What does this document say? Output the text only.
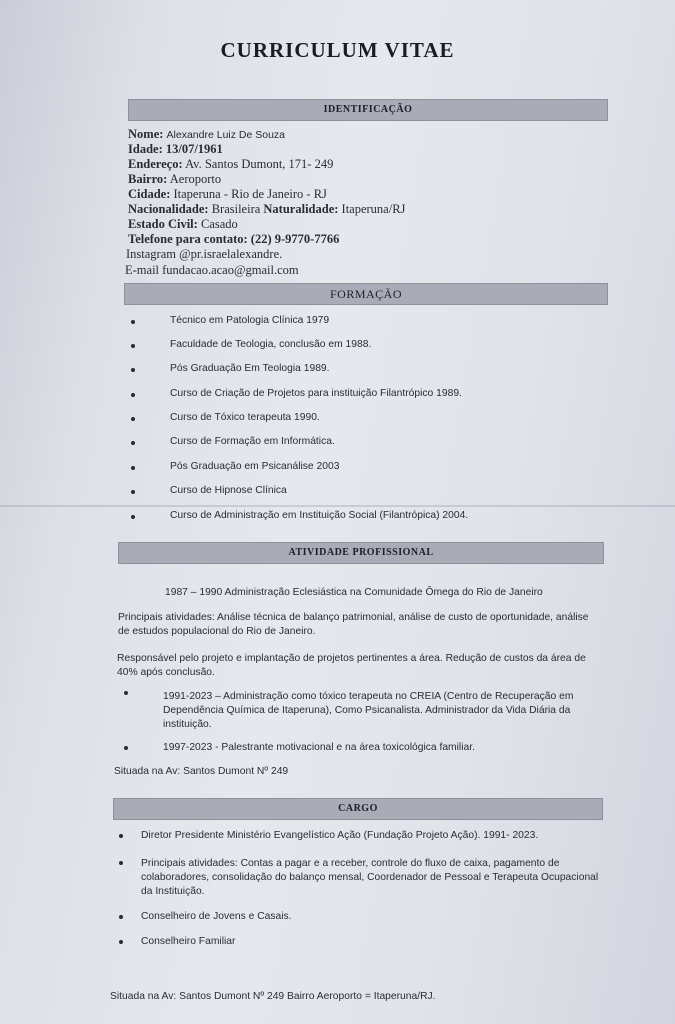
CURRICULUM VITAE
IDENTIFICAÇÃO
Nome: Alexandre Luiz De Souza
Idade: 13/07/1961
Endereço: Av. Santos Dumont, 171- 249
Bairro: Aeroporto
Cidade: Itaperuna - Rio de Janeiro - RJ
Nacionalidade: Brasileira Naturalidade: Itaperuna/RJ
Estado Civil: Casado
Telefone para contato: (22) 9-9770-7766
Instagram @pr.israelalexandre.
E-mail fundacao.acao@gmail.com
FORMAÇÃO
Técnico em Patologia Clínica 1979
Faculdade de Teologia, conclusão em 1988.
Pós Graduação Em Teologia 1989.
Curso de Criação de Projetos para instituição Filantrópico 1989.
Curso de Tóxico terapeuta 1990.
Curso de Formação em Informática.
Pós Graduação em Psicanálise 2003
Curso de Hipnose Clínica
Curso de Administração em Instituição Social (Filantrópica) 2004.
ATIVIDADE PROFISSIONAL
1987 – 1990 Administração Eclesiástica na Comunidade Ômega do Rio de Janeiro
Principais atividades: Análise técnica de balanço patrimonial, análise de custo de oportunidade, análise
de estudos populacional do Rio de Janeiro.
Responsável pelo projeto e implantação de projetos pertinentes a área. Redução de custos da área de
40% após conclusão.
1991-2023 – Administração como tóxico terapeuta no CREIA (Centro de Recuperação em
Dependência Química de Itaperuna), Como Psicanalista. Administrador da Vida Diária da
instituição.
1997-2023 - Palestrante motivacional e na área toxicológica familiar.
Situada na Av: Santos Dumont Nº 249
CARGO
Diretor Presidente Ministério Evangelístico Ação (Fundação Projeto Ação). 1991- 2023.
Principais atividades: Contas a pagar e a receber, controle do fluxo de caixa, pagamento de
colaboradores, consolidação do balanço mensal, Coordenador de Pessoal e Terapeuta Ocupacional
da Instituição.
Conselheiro de Jovens e Casais.
Conselheiro Familiar
Situada na Av: Santos Dumont Nº 249 Bairro Aeroporto = Itaperuna/RJ.
